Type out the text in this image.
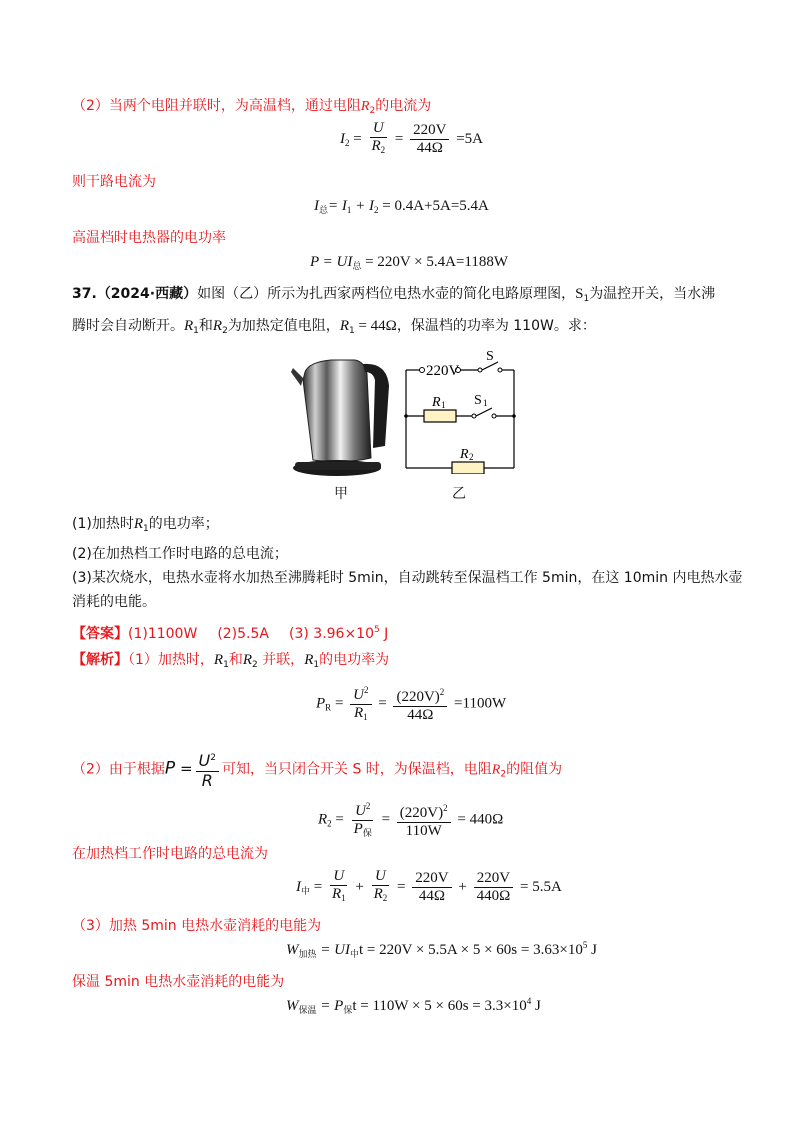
（2）当两个电阻并联时，为高温档，通过电阻$R_2$的电流为
$I_2 = \frac{U}{R_2} = \frac{220V}{44\Omega} =5A$
则干路电流为
$I_总= I_1 + I_2 = 0.4A+5A=5.4A$
高温档时电热器的电功率
$P = UI_总 = 220V \times 5.4A=1188W$
37.（2024·西藏）如图（乙）所示为扎西家两档位电热水壶的简化电路原理图，$S_1$为温控开关，当水沸
腾时会自动断开。$R_1$和$R_2$为加热定值电阻，$R_1 = 44\Omega$，保温档的功率为 110W。求：
220V
S
R 1 S 1
R 2
甲	乙
(1)加热时$R_1$的电功率；
(2)在加热档工作时电路的总电流；
(3)某次烧水，电热水壶将水加热至沸腾耗时 5min，自动跳转至保温档工作 5min，在这 10min 内电热水壶
消耗的电能。
【答案】(1)1100W (2)5.5A (3) $3.96\times 10^5$ J
【解析】（1）加热时，$R_1$和$R_2$ 并联，$R_1$的电功率为
$P_R = \frac{U^2}{R_1} = \frac{(220V)^2}{44\Omega} =1100W$
（2）由于根据$P = \frac{U^2}{R}$ 可知，当只闭合开关 S 时，为保温档，电阻$R_2$的阻值为
$R_2 = \frac{U^2}{P_保} = \frac{(220V)^2}{110W} = 440\Omega$
在加热档工作时电路的总电流为
$I_中 = \frac{U}{R_1} + \frac{U}{R_2} = \frac{220V}{44\Omega} + \frac{220V}{440\Omega} = 5.5A$
（3）加热 5min 电热水壶消耗的电能为
$W_{加热} = UI_中t = 220V \times 5.5A \times 5 \times 60s = 3.63\times 10^5$ J
保温 5min 电热水壶消耗的电能为
$W_{保温} = P_保t = 110W \times 5 \times 60s = 3.3\times 10^4$ J
